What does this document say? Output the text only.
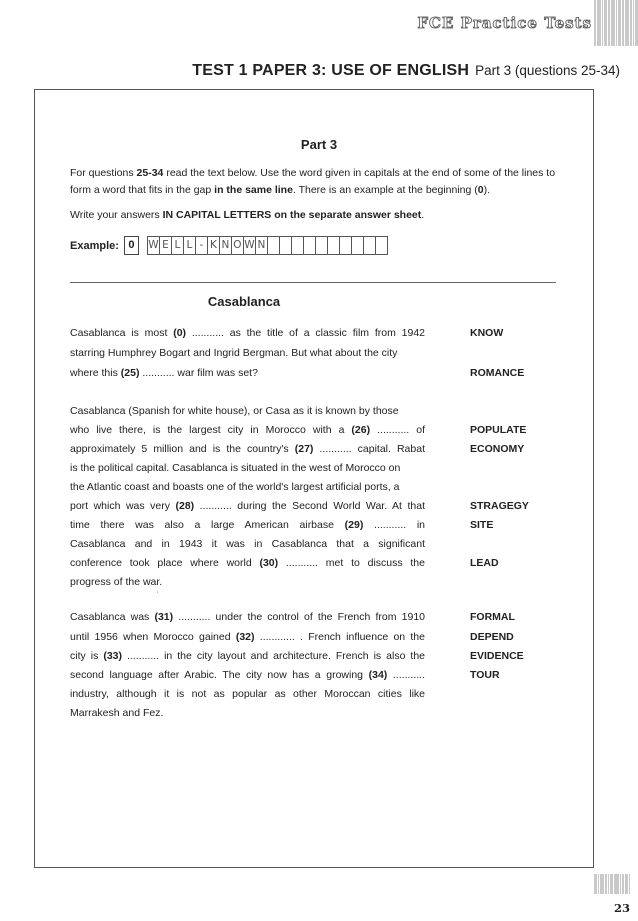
FCE Practice Tests
TEST 1 PAPER 3: USE OF ENGLISH Part 3 (questions 25-34)
Part 3
For questions 25-34 read the text below. Use the word given in capitals at the end of some of the lines to form a word that fits in the gap in the same line. There is an example at the beginning (0).
Write your answers IN CAPITAL LETTERS on the separate answer sheet.
Example: 0	W E L L - K N O W N
Casablanca
Casablanca is most (0) ........... as the title of a classic film from 1942
starring Humphrey Bogart and Ingrid Bergman. But what about the city
where this (25) ........... war film was set?
Casablanca (Spanish for white house), or Casa as it is known by those
who live there, is the largest city in Morocco with a (26) ........... of
approximately 5 million and is the country's (27) ........... capital. Rabat
is the political capital. Casablanca is situated in the west of Morocco on
the Atlantic coast and boasts one of the world's largest artificial ports, a
port which was very (28) ........... during the Second World War. At that
time there was also a large American airbase (29) ........... in
Casablanca and in 1943 it was in Casablanca that a significant
conference took place where world (30) ........... met to discuss the
progress of the war.
'
Casablanca was (31) ........... under the control of the French from 1910
until 1956 when Morocco gained (32) ............ . French influence on the
city is (33) ........... in the city layout and architecture. French is also the
second language after Arabic. The city now has a growing (34) ...........
industry, although it is not as popular as other Moroccan cities like
Marrakesh and Fez.
KNOW
ROMANCE
POPULATE
ECONOMY
STRAGEGY
SITE
LEAD
FORMAL
DEPEND
EVIDENCE
TOUR
23
